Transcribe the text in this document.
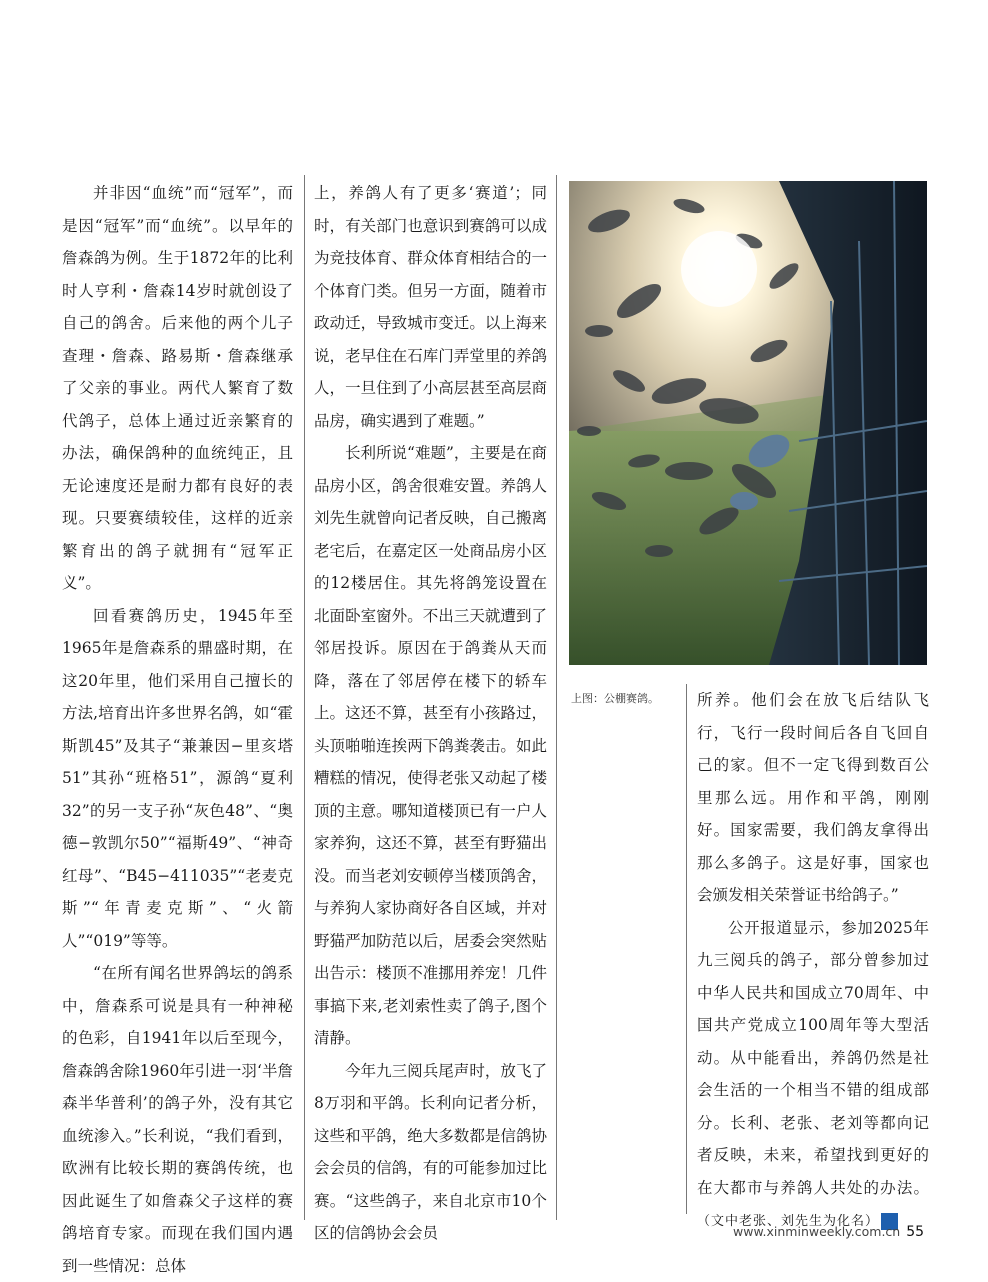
并非因“血统”而“冠军”，而是因“冠军”而“血统”。以早年的詹森鸽为例。生于1872年的比利时人亨利・詹森14岁时就创设了自己的鸽舍。后来他的两个儿子查理・詹森、路易斯・詹森继承了父亲的事业。两代人繁育了数代鸽子，总体上通过近亲繁育的办法，确保鸽种的血统纯正，且无论速度还是耐力都有良好的表现。只要赛绩较佳，这样的近亲繁育出的鸽子就拥有“冠军正义”。

回看赛鸽历史，1945年至1965年是詹森系的鼎盛时期，在这20年里，他们采用自己擅长的方法,培育出许多世界名鸽，如“霍斯凯45”及其子“兼兼因−里亥塔51”其孙“班格51”，源鸽“夏利32”的另一支子孙“灰色48”、“奥德−敦凯尔50”“福斯49”、“神奇红母”、“B45−411035”“老麦克斯”“年青麦克斯”、“火箭人”“019”等等。

“在所有闻名世界鸽坛的鸽系中，詹森系可说是具有一种神秘的色彩，自1941年以后至现今，詹森鸽舍除1960年引进一羽‘半詹森半华普利’的鸽子外，没有其它血统渗入。”长利说，“我们看到，欧洲有比较长期的赛鸽传统，也因此诞生了如詹森父子这样的赛鸽培育专家。而现在我们国内遇到一些情况：总体

上，养鸽人有了更多‘赛道’；同时，有关部门也意识到赛鸽可以成为竞技体育、群众体育相结合的一个体育门类。但另一方面，随着市政动迁，导致城市变迁。以上海来说，老早住在石库门弄堂里的养鸽人，一旦住到了小高层甚至高层商品房，确实遇到了难题。”

长利所说“难题”，主要是在商品房小区，鸽舍很难安置。养鸽人刘先生就曾向记者反映，自己搬离老宅后，在嘉定区一处商品房小区的12楼居住。其先将鸽笼设置在北面卧室窗外。不出三天就遭到了邻居投诉。原因在于鸽粪从天而降，落在了邻居停在楼下的轿车上。这还不算，甚至有小孩路过，头顶啪啪连挨两下鸽粪袭击。如此糟糕的情况，使得老张又动起了楼顶的主意。哪知道楼顶已有一户人家养狗，这还不算，甚至有野猫出没。而当老刘安顿停当楼顶鸽舍，与养狗人家协商好各自区域，并对野猫严加防范以后，居委会突然贴出告示：楼顶不准挪用养宠！几件事搞下来,老刘索性卖了鸽子,图个清静。

今年九三阅兵尾声时，放飞了8万羽和平鸽。长利向记者分析，这些和平鸽，绝大多数都是信鸽协会会员的信鸽，有的可能参加过比赛。“这些鸽子，来自北京市10个区的信鸽协会会员

上图：公棚赛鸽。 所养。他们会在放飞后结队飞行，飞行一段时间后各自飞回自己的家。但不一定飞得到数百公里那么远。用作和平鸽，刚刚好。国家需要，我们鸽友拿得出那么多鸽子。这是好事，国家也会颁发相关荣誉证书给鸽子。”

公开报道显示，参加2025年九三阅兵的鸽子，部分曾参加过中华人民共和国成立70周年、中国共产党成立100周年等大型活动。从中能看出，养鸽仍然是社会生活的一个相当不错的组成部分。长利、老张、老刘等都向记者反映，未来，希望找到更好的在大都市与养鸽人共处的办法。（文中老张、刘先生为化名）	民

www.xinminweekly.com.cn 55
